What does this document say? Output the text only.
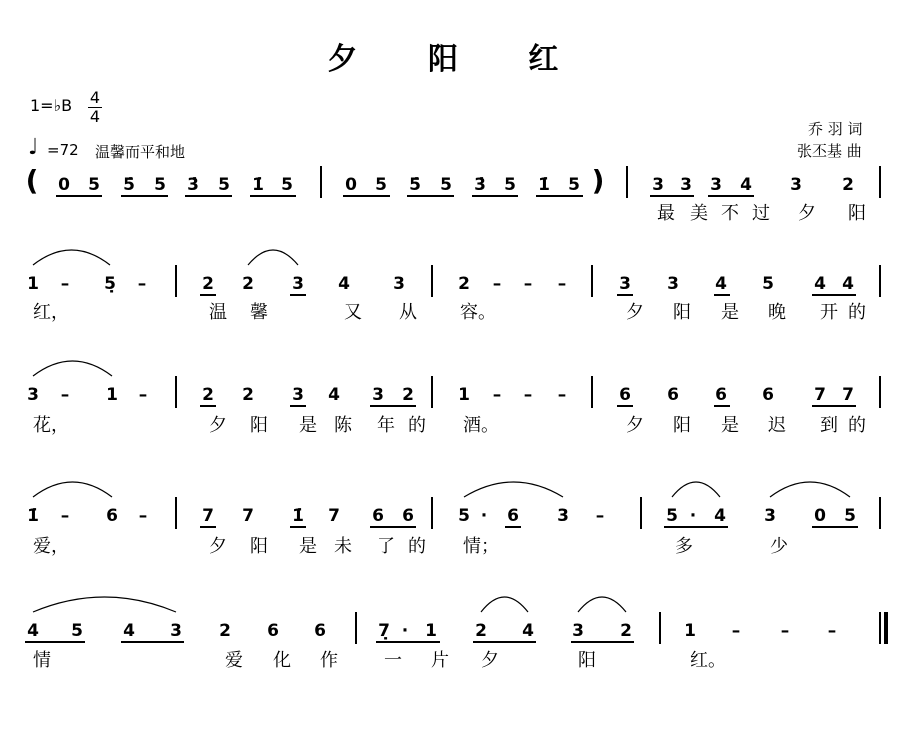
夕 阳 红
1=♭B 4
4
♩ =72 温馨而平和地
乔 羽 词
张丕基 曲
( 0 5 5̇ 5 3̇ 5 1̇ 5	0 5 5̇ 5 3̇ 5 1̇ 5 )	3 3 3 4 3 2
最 美 不 过 夕 阳
1 – 5̣ –	2 2 3 4	3	2 – – –	3 3 4 5 4 4
红，	温 馨	又 从 容。	夕 阳 是 晚 开 的
3 – 1 –	2 2 3 4 3 2	1 – – –	6 6 6 6 7 7
花，	夕 阳 是 陈 年 的 酒。	夕 阳 是 迟 到 的
1̇ – 6 –	7 7 1̇ 7 6 6	5 · 6 3 –	5 · 4 3 0 5
爱，	夕 阳 是 未 了 的 情；	多	少
4 5 4 3 2 6 6	7̣ · 1 2 4 3 2	1 – – –
情	爱 化 作	一 片 夕	阳	红。
